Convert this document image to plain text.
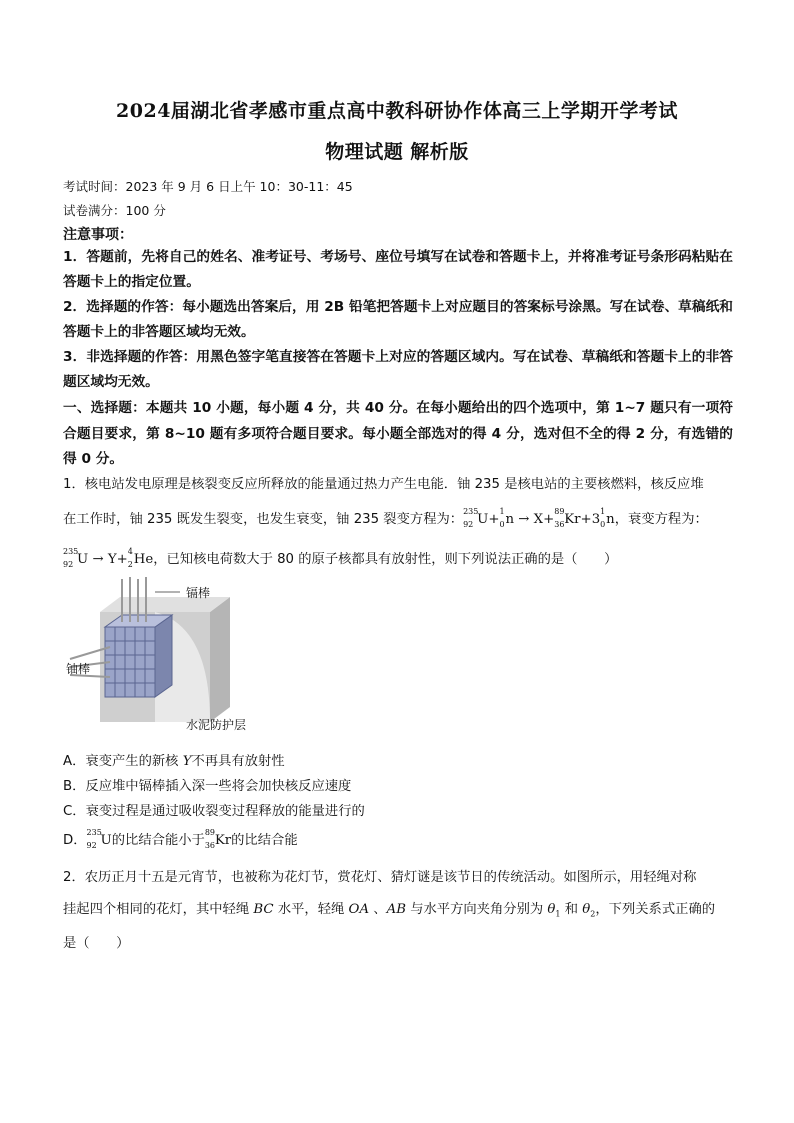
2024届湖北省孝感市重点高中教科研协作体高三上学期开学考试
物理试题 解析版
考试时间：2023 年 9 月 6 日上午 10：30-11：45
试卷满分：100 分
注意事项：
1．答题前，先将自己的姓名、准考证号、考场号、座位号填写在试卷和答题卡上，并将准考证号条形码粘贴在答题卡上的指定位置。
2．选择题的作答：每小题选出答案后，用 2B 铅笔把答题卡上对应题目的答案标号涂黑。写在试卷、草稿纸和答题卡上的非答题区域均无效。
3．非选择题的作答：用黑色签字笔直接答在答题卡上对应的答题区域内。写在试卷、草稿纸和答题卡上的非答题区域均无效。
一、选择题：本题共 10 小题，每小题 4 分，共 40 分。在每小题给出的四个选项中，第 1~7 题只有一项符合题目要求，第 8~10 题有多项符合题目要求。每小题全部选对的得 4 分，选对但不全的得 2 分，有选错的得 0 分。
1．核电站发电原理是核裂变反应所释放的能量通过热力产生电能．铀 235 是核电站的主要核燃料，核反应堆
在工作时，铀 235 既发生裂变，也发生衰变，铀 235 裂变方程为：
235
92 U+
1
0 n → X+
89
36 Kr+3
1
0 n，衰变方程为：
235
92 U → Y+
4
2 He，已知核电荷数大于 80 的原子核都具有放射性，则下列说法正确的是（　　）
镉棒
铀棒
水泥防护层
A．衰变产生的新核 Y不再具有放射性
B．反应堆中镉棒插入深一些将会加快核反应速度
C．衰变过程是通过吸收裂变过程释放的能量进行的
D．
235
92 U的比结合能小于
89
36 Kr的比结合能
2．农历正月十五是元宵节，也被称为花灯节，赏花灯、猜灯谜是该节日的传统活动。如图所示，用轻绳对称
挂起四个相同的花灯，其中轻绳 BC 水平，轻绳 OA 、AB 与水平方向夹角分别为 $\theta_1$ 和 $\theta_2$，下列关系式正确的
是（　　）
